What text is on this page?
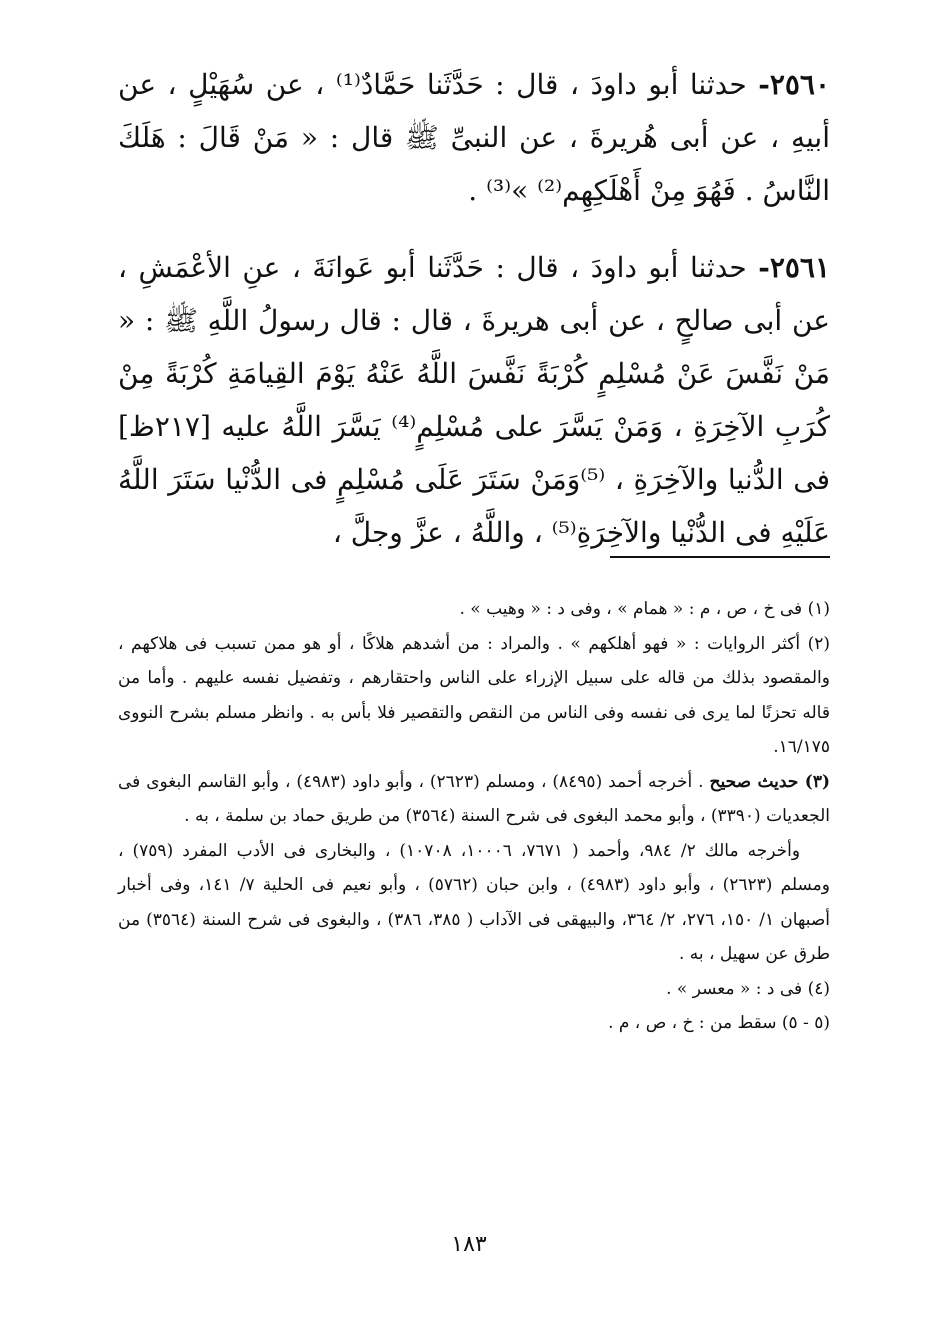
٢٥٦٠- حدثنا أبو داودَ ، قال : حَدَّثَنا حَمَّادٌ⁽¹⁾ ، عن سُهَيْلٍ ، عن أبيهِ ، عن أبى هُريرةَ ، عن النبىِّ ﷺ قال : « مَنْ قَالَ : هَلَكَ النَّاسُ . فَهُوَ مِنْ أَهْلَكِهِم⁽²⁾ »⁽³⁾ .

٢٥٦١- حدثنا أبو داودَ ، قال : حَدَّثَنا أبو عَوانَةَ ، عنِ الأعْمَشِ ، عن أبى صالحٍ ، عن أبى هريرةَ ، قال : قال رسولُ اللَّهِ ﷺ : « مَنْ نَفَّسَ عَنْ مُسْلِمٍ كُرْبَةً نَفَّسَ اللَّهُ عَنْهُ يَوْمَ القِيامَةِ كُرْبَةً مِنْ كُرَبِ الآخِرَةِ ، وَمَنْ يَسَّرَ على مُسْلِمٍ⁽⁴⁾ يَسَّرَ اللَّهُ عليه [٢١٧ظ] فى الدُّنيا والآخِرَةِ ، ⁽⁵⁾وَمَنْ سَتَرَ عَلَى مُسْلِمٍ فى الدُّنْيا سَتَرَ اللَّهُ عَلَيْهِ فى الدُّنْيا والآخِرَةِ⁽⁵⁾ ، واللَّهُ ، عزَّ وجلَّ ،

(١) فى خ ، ص ، م : « همام » ، وفى د : « وهيب » .

(٢) أكثر الروايات : « فهو أهلكهم » . والمراد : من أشدهم هلاكًا ، أو هو ممن تسبب فى هلاكهم ، والمقصود بذلك من قاله على سبيل الإزراء على الناس واحتقارهم ، وتفضيل نفسه عليهم . وأما من قاله تحزنًا لما يرى فى نفسه وفى الناس من النقص والتقصير فلا بأس به . وانظر مسلم بشرح النووى ١٦/١٧٥.

(٣) حديث صحيح . أخرجه أحمد (٨٤٩٥) ، ومسلم (٢٦٢٣) ، وأبو داود (٤٩٨٣) ، وأبو القاسم البغوى فى الجعديات (٣٣٩٠) ، وأبو محمد البغوى فى شرح السنة (٣٥٦٤) من طريق حماد بن سلمة ، به .

وأخرجه مالك ٢/ ٩٨٤، وأحمد ( ٧٦٧١، ١٠٠٠٦، ١٠٧٠٨) ، والبخارى فى الأدب المفرد (٧٥٩) ، ومسلم (٢٦٢٣) ، وأبو داود (٤٩٨٣) ، وابن حبان (٥٧٦٢) ، وأبو نعيم فى الحلية ٧/ ١٤١، وفى أخبار أصبهان ١/ ١٥٠، ٢٧٦، ٢/ ٣٦٤، والبيهقى فى الآداب ( ٣٨٥، ٣٨٦) ، والبغوى فى شرح السنة (٣٥٦٤) من طرق عن سهيل ، به .

(٤) فى د : « معسر » .

(٥ - ٥) سقط من : خ ، ص ، م .

١٨٣
